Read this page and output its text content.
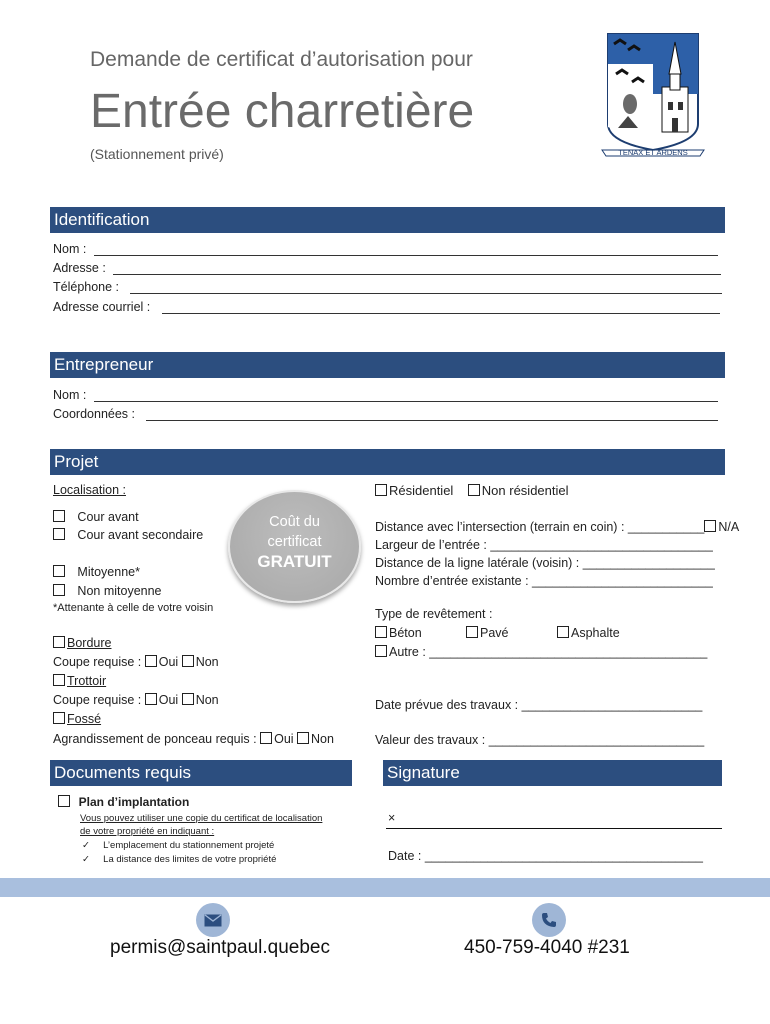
Demande de certificat d’autorisation pour
Entrée charretière
(Stationnement privé)	TENAX ET ARDENS
Identification
Nom :
Adresse :
Téléphone :
Adresse courriel :
Entrepreneur
Nom :
Coordonnées :
Projet
Localisation :
Cour avant
Cour avant secondaire
Mitoyenne*
Non mitoyenne
*Attenante à celle de votre voisin
Bordure
Coupe requise : Oui Non
Trottoir
Coupe requise : Oui Non
Fossé
Agrandissement de ponceau requis : Oui Non
Coût du
certificat
GRATUIT
Résidentiel Non résidentiel
Distance avec l’intersection (terrain en coin) : ___________ N/A
Largeur de l’entrée : ________________________________
Distance de la ligne latérale (voisin) : ___________________
Nombre d’entrée existante : __________________________
Type de revêtement :
Béton	Pavé	Asphalte
Autre : ________________________________________
Date prévue des travaux : __________________________
Valeur des travaux : _______________________________
Documents requis
Plan d’implantation
Vous pouvez utiliser une copie du certificat de localisation
de votre propriété en indiquant :
✓ L’emplacement du stationnement projeté
✓ La distance des limites de votre propriété
Signature
×
Date : ________________________________________
permis@saintpaul.quebec	450-759-4040 #231
